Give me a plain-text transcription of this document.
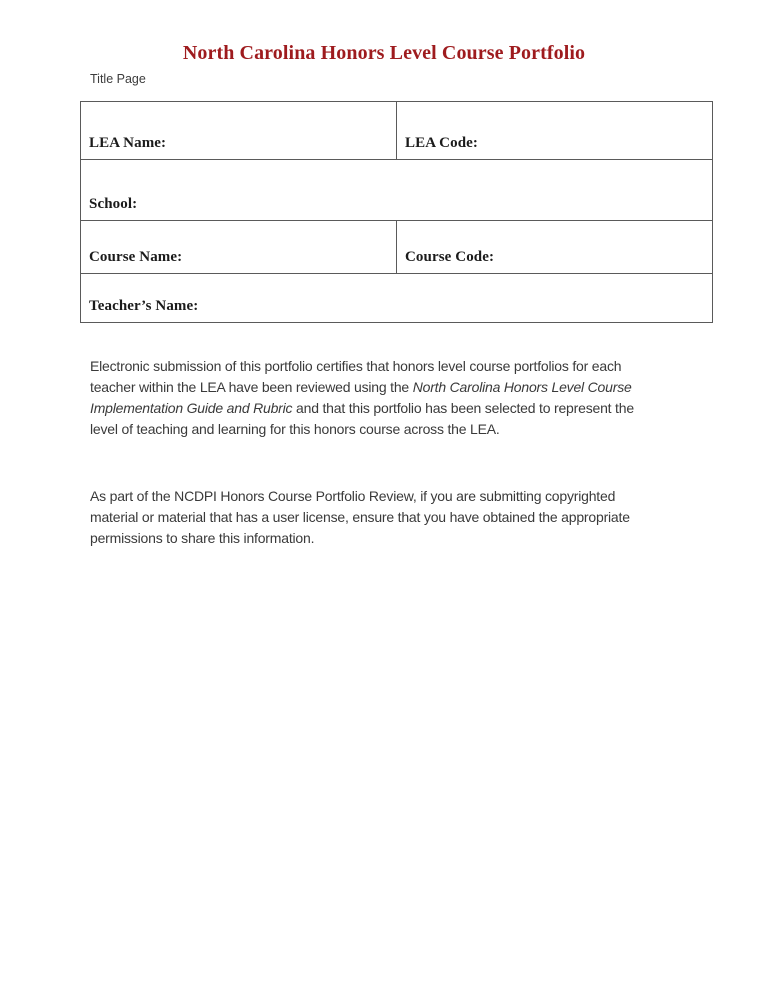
North Carolina Honors Level Course Portfolio
Title Page
LEA Name:	LEA Code:
School:	
Course Name:	Course Code:
Teacher’s Name:	

Electronic submission of this portfolio certifies that honors level course portfolios for each teacher within the LEA have been reviewed using the North Carolina Honors Level Course Implementation Guide and Rubric and that this portfolio has been selected to represent the level of teaching and learning for this honors course across the LEA.

As part of the NCDPI Honors Course Portfolio Review, if you are submitting copyrighted material or material that has a user license, ensure that you have obtained the appropriate permissions to share this information.
